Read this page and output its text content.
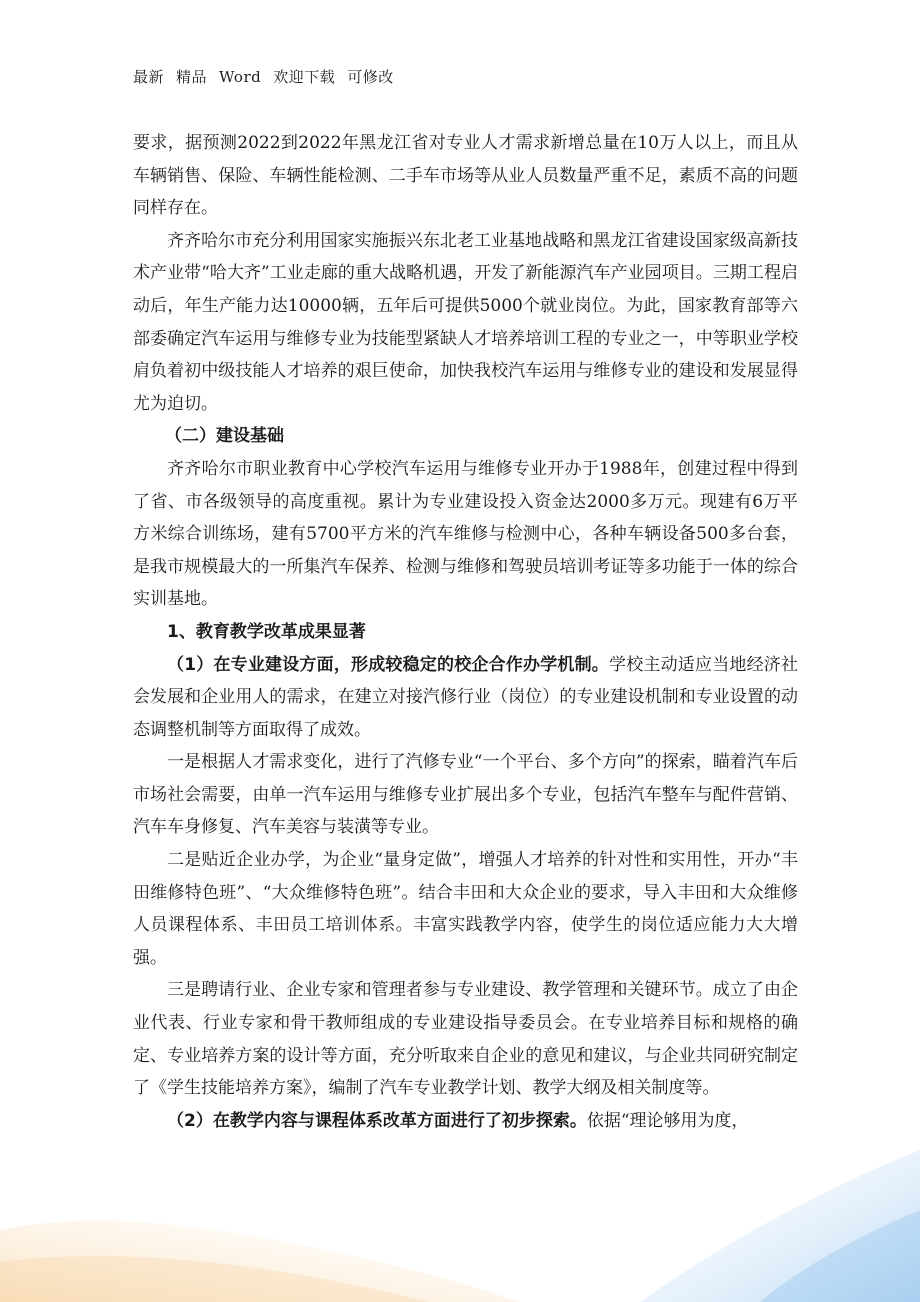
最新 精品 Word 欢迎下载 可修改

要求，据预测2022到2022年黑龙江省对专业人才需求新增总量在10万人以上，而且从车辆销售、保险、车辆性能检测、二手车市场等从业人员数量严重不足，素质不高的问题同样存在。

齐齐哈尔市充分利用国家实施振兴东北老工业基地战略和黑龙江省建设国家级高新技术产业带“哈大齐”工业走廊的重大战略机遇，开发了新能源汽车产业园项目。三期工程启动后，年生产能力达10000辆，五年后可提供5000个就业岗位。为此，国家教育部等六部委确定汽车运用与维修专业为技能型紧缺人才培养培训工程的专业之一，中等职业学校肩负着初中级技能人才培养的艰巨使命，加快我校汽车运用与维修专业的建设和发展显得尤为迫切。

（二）建设基础

齐齐哈尔市职业教育中心学校汽车运用与维修专业开办于1988年，创建过程中得到了省、市各级领导的高度重视。累计为专业建设投入资金达2000多万元。现建有6万平方米综合训练场，建有5700平方米的汽车维修与检测中心，各种车辆设备500多台套，是我市规模最大的一所集汽车保养、检测与维修和驾驶员培训考证等多功能于一体的综合实训基地。

1、教育教学改革成果显著

（1）在专业建设方面，形成较稳定的校企合作办学机制。学校主动适应当地经济社会发展和企业用人的需求，在建立对接汽修行业（岗位）的专业建设机制和专业设置的动态调整机制等方面取得了成效。

一是根据人才需求变化，进行了汽修专业“一个平台、多个方向”的探索，瞄着汽车后市场社会需要，由单一汽车运用与维修专业扩展出多个专业，包括汽车整车与配件营销、汽车车身修复、汽车美容与装潢等专业。

二是贴近企业办学，为企业“量身定做”，增强人才培养的针对性和实用性，开办“丰田维修特色班”、“大众维修特色班”。结合丰田和大众企业的要求，导入丰田和大众维修人员课程体系、丰田员工培训体系。丰富实践教学内容，使学生的岗位适应能力大大增强。

三是聘请行业、企业专家和管理者参与专业建设、教学管理和关键环节。成立了由企业代表、行业专家和骨干教师组成的专业建设指导委员会。在专业培养目标和规格的确定、专业培养方案的设计等方面，充分听取来自企业的意见和建议，与企业共同研究制定了《学生技能培养方案》，编制了汽车专业教学计划、教学大纲及相关制度等。

（2）在教学内容与课程体系改革方面进行了初步探索。依据“理论够用为度，
